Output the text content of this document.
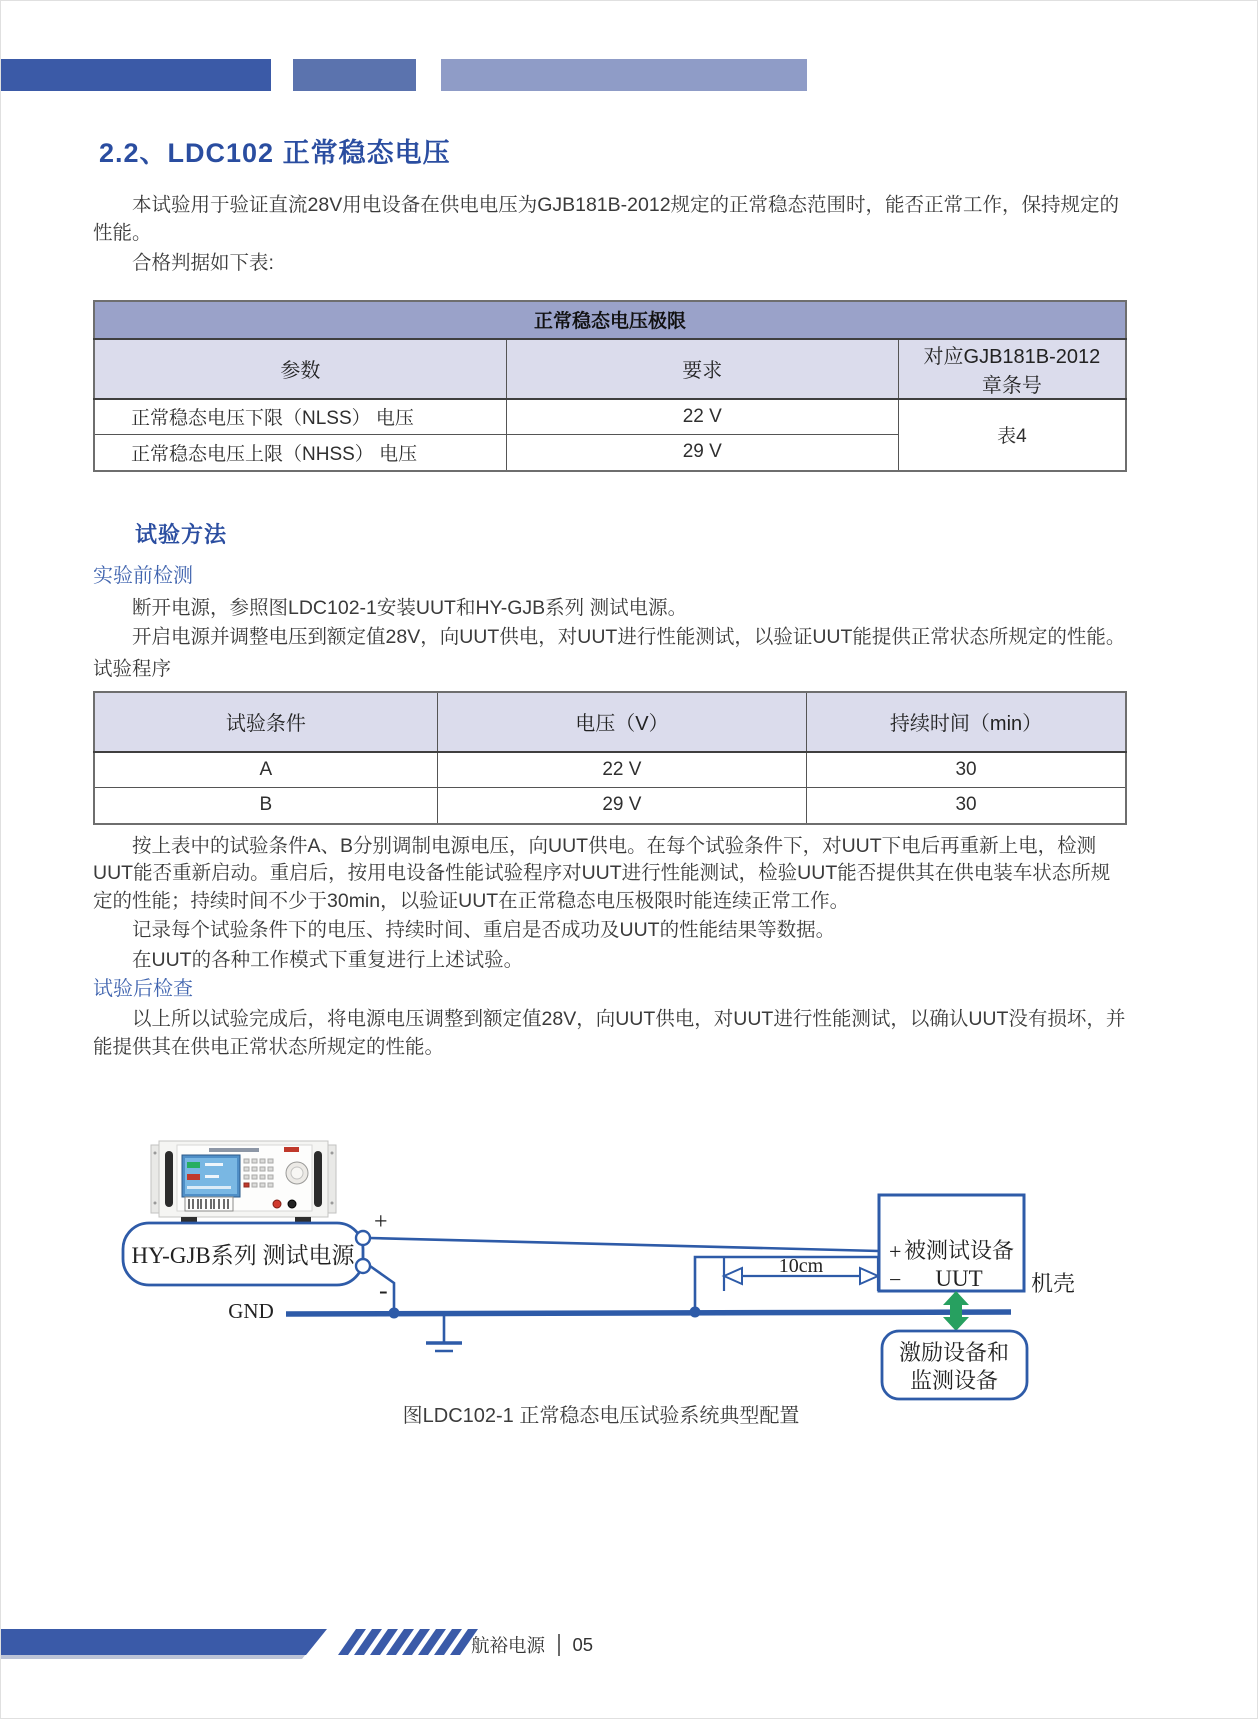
2.2、LDC102 正常稳态电压

本试验用于验证直流28V用电设备在供电电压为GJB181B-2012规定的正常稳态范围时，能否正常工作，保持规定的性能。

合格判据如下表:

正常稳态电压极限		
参数	要求	对应GJB181B-2012
章条号
正常稳态电压下限（NLSS） 电压	22 V	表4
正常稳态电压上限（NHSS） 电压	29 V	
试验方法
实验前检测

断开电源，参照图LDC102-1安装UUT和HY-GJB系列 测试电源。

开启电源并调整电压到额定值28V，向UUT供电，对UUT进行性能测试，以验证UUT能提供正常状态所规定的性能。

试验程序
试验条件	电压（V）	持续时间（min）
A	22 V	30
B	29 V	30

按上表中的试验条件A、B分别调制电源电压，向UUT供电。在每个试验条件下，对UUT下电后再重新上电，检测UUT能否重新启动。重启后，按用电设备性能试验程序对UUT进行性能测试，检验UUT能否提供其在供电装车状态所规定的性能；持续时间不少于30min，以验证UUT在正常稳态电压极限时能连续正常工作。

记录每个试验条件下的电压、持续时间、重启是否成功及UUT的性能结果等数据。

在UUT的各种工作模式下重复进行上述试验。

试验后检查

以上所以试验完成后，将电源电压调整到额定值28V，向UUT供电，对UUT进行性能测试，以确认UUT没有损坏，并能提供其在供电正常状态所规定的性能。

HY-GJB系列 测试电源
+
-
GND
10cm
+ 被测试设备
− UUT 机壳
激励设备和
监测设备
图LDC102-1 正常稳态电压试验系统典型配置
航裕电源 05
